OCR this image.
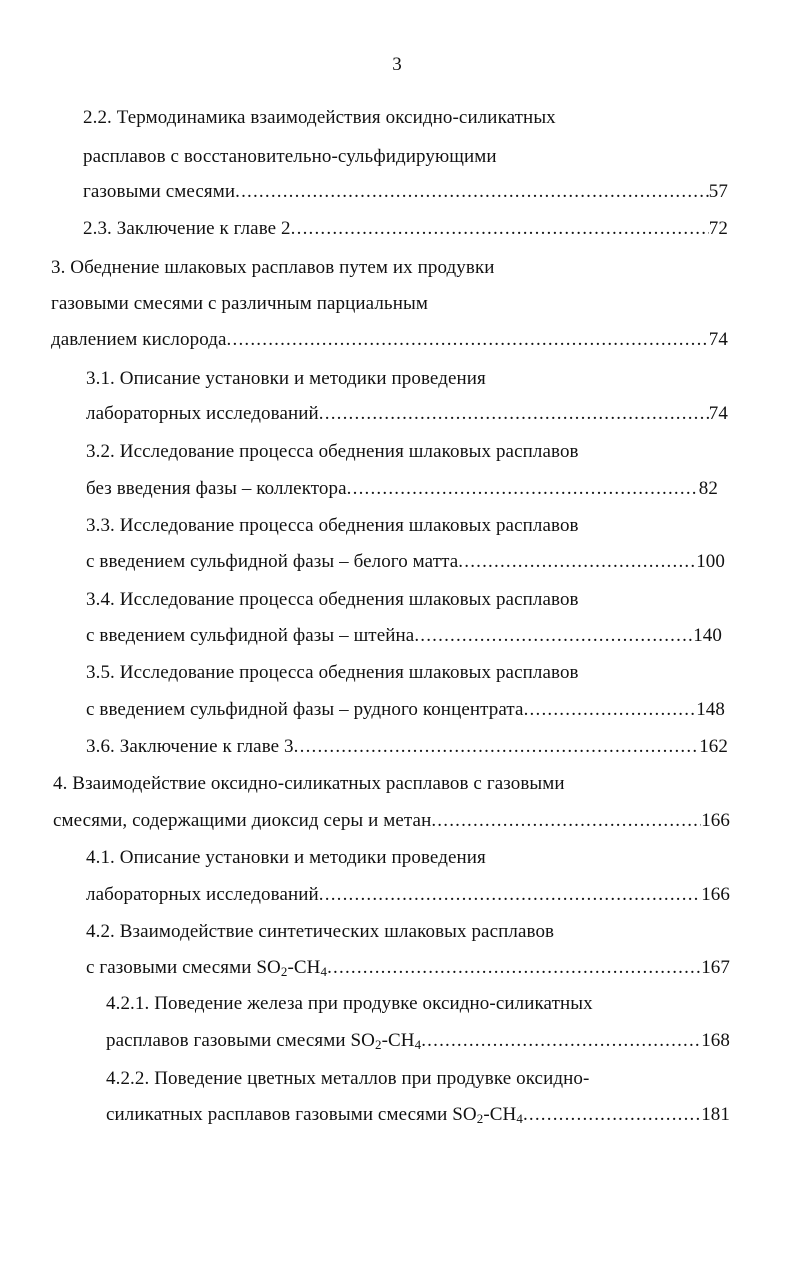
3
2.2. Термодинамика взаимодействия оксидно-силикатных
расплавов с восстановительно-сульфидирующими
газовыми смесями .....	57
2.3. Заключение к главе 2 .....	72
3. Обеднение шлаковых расплавов путем их продувки
газовыми смесями с различным парциальным
давлением кислорода .....	74
3.1. Описание установки и методики проведения
лабораторных исследований .....	74
3.2. Исследование процесса обеднения шлаковых расплавов
без введения фазы – коллектора .....	82
3.3. Исследование процесса обеднения шлаковых расплавов
с введением сульфидной фазы – белого матта .....	100
3.4. Исследование процесса обеднения шлаковых расплавов
с введением сульфидной фазы – штейна .....	140
3.5. Исследование процесса обеднения шлаковых расплавов
с введением сульфидной фазы – рудного концентрата .....	148
3.6. Заключение к главе 3 .....	162
4. Взаимодействие оксидно-силикатных расплавов с газовыми
смесями, содержащими диоксид серы и метан .....	166
4.1. Описание установки и методики проведения
лабораторных исследований .....	166
4.2. Взаимодействие синтетических шлаковых расплавов
с газовыми смесями $SO_2-CH_4$ .....	167
4.2.1. Поведение железа при продувке оксидно-силикатных
расплавов газовыми смесями $SO_2-CH_4$ .....	168
4.2.2. Поведение цветных металлов при продувке оксидно-
силикатных расплавов газовыми смесями $SO_2-CH_4$ .....	181
